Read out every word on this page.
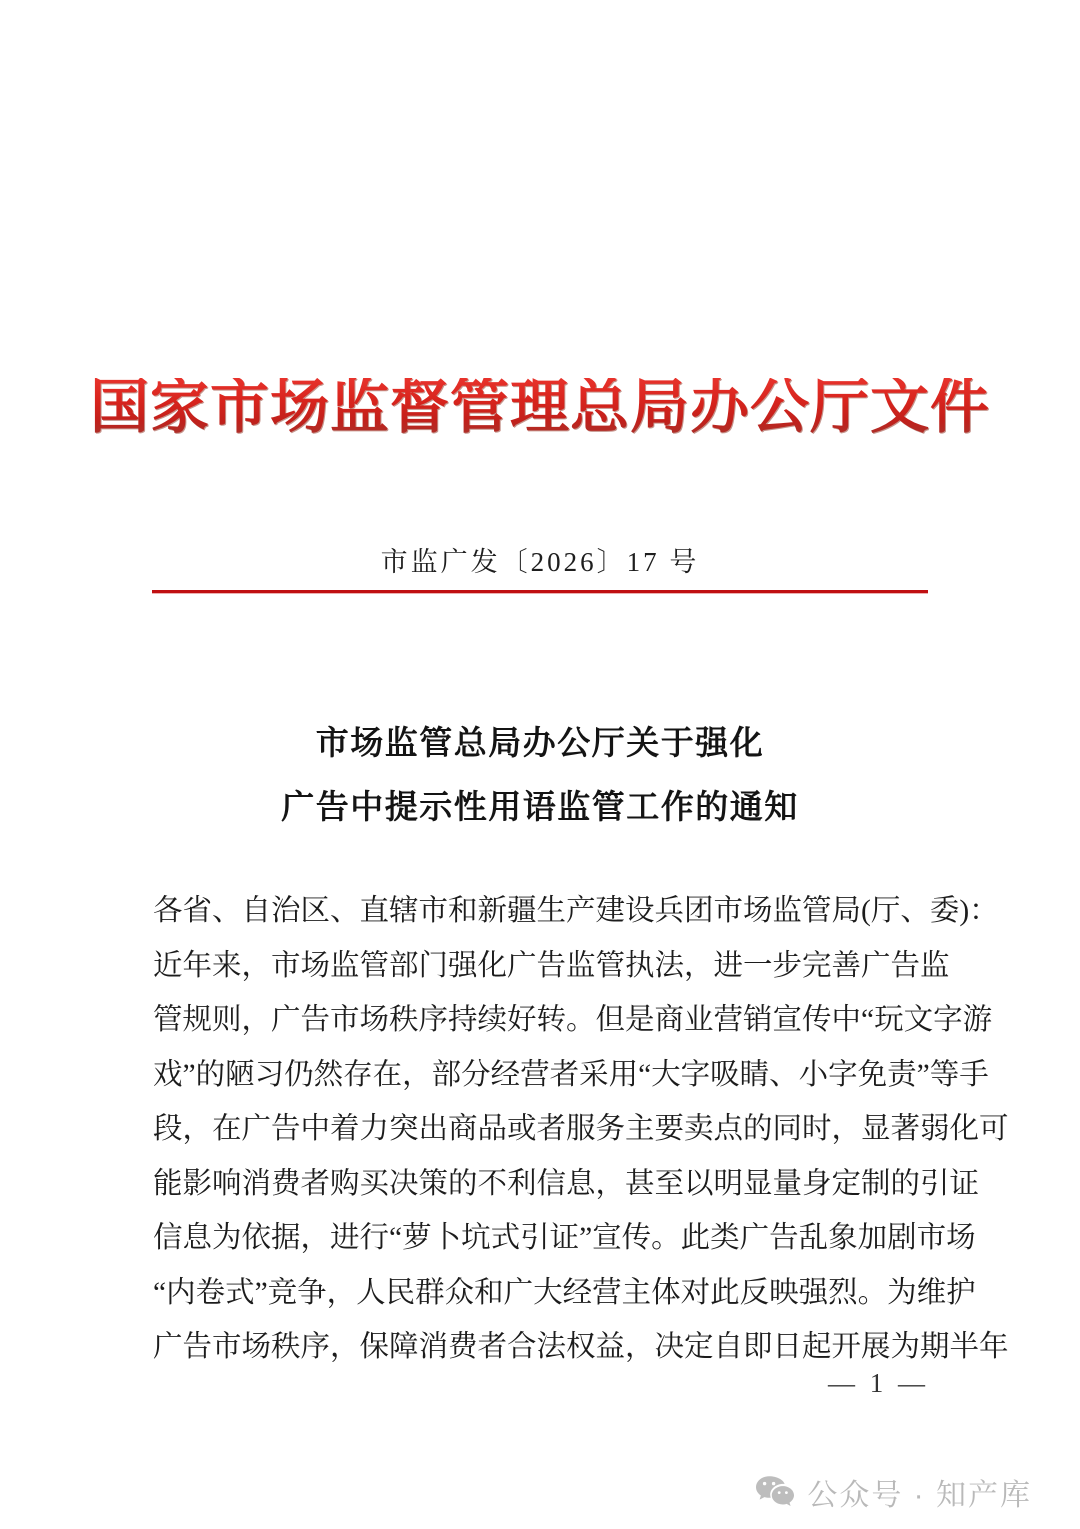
国家市场监督管理总局办公厅文件
市监广发〔2026〕17 号
市场监管总局办公厅关于强化
广告中提示性用语监管工作的通知
各省、自治区、直辖市和新疆生产建设兵团市场监管局(厅、委)：
近年来，市场监管部门强化广告监管执法，进一步完善广告监
管规则，广告市场秩序持续好转。但是商业营销宣传中“玩文字游
戏”的陋习仍然存在，部分经营者采用“大字吸睛、小字免责”等手
段，在广告中着力突出商品或者服务主要卖点的同时，显著弱化可
能影响消费者购买决策的不利信息，甚至以明显量身定制的引证
信息为依据，进行“萝卜坑式引证”宣传。此类广告乱象加剧市场
“内卷式”竞争，人民群众和广大经营主体对此反映强烈。为维护
广告市场秩序，保障消费者合法权益，决定自即日起开展为期半年
— 1 —
公众号 · 知产库
